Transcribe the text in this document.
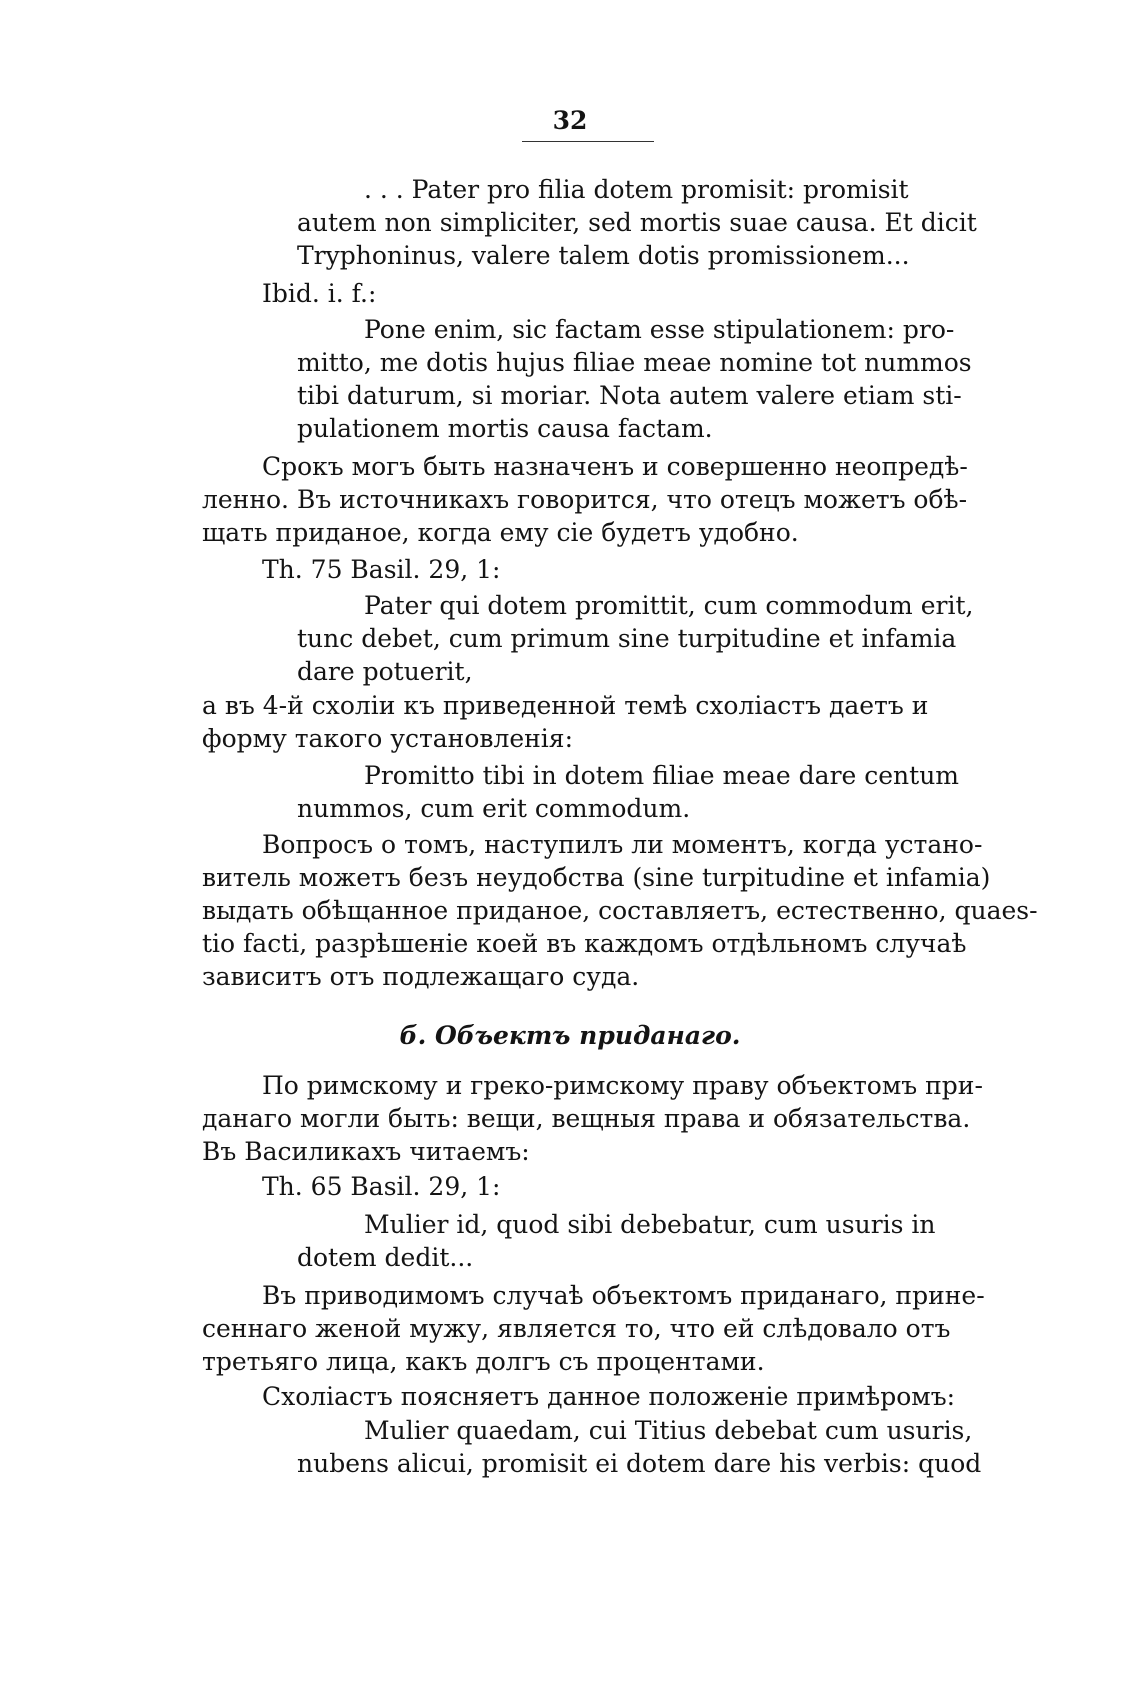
32
. . . Pater pro filia dotem promisit: promisit
autem non simpliciter, sed mortis suae causa. Et dicit
Tryphoninus, valere talem dotis promissionem...
Ibid. i. f.:
Pone enim, sic factam esse stipulationem: pro-
mitto, me dotis hujus filiae meae nomine tot nummos
tibi daturum, si moriar. Nota autem valere etiam sti-
pulationem mortis causa factam.
Срокъ могъ быть назначенъ и совершенно неопредѣ-
ленно. Въ источникахъ говорится, что отецъ можетъ обѣ-
щать приданое, когда ему сiе будетъ удобно.
Th. 75 Basil. 29, 1:
Pater qui dotem promittit, cum commodum erit,
tunc debet, cum primum sine turpitudine et infamia
dare potuerit,
а въ 4-й схолiи къ приведенной темѣ схолiастъ даетъ и
форму такого установленiя:
Promitto tibi in dotem filiae meae dare centum
nummos, cum erit commodum.
Вопросъ о томъ, наступилъ ли моментъ, когда устано-
витель можетъ безъ неудобства (sine turpitudine et infamia)
выдать обѣщанное приданое, составляетъ, естественно, quaes-
tio facti, разрѣшенiе коей въ каждомъ отдѣльномъ случаѣ
зависитъ отъ подлежащаго суда.
б. Объектъ приданаго.
По римскому и греко-римскому праву объектомъ при-
данаго могли быть: вещи, вещныя права и обязательства.
Въ Василикахъ читаемъ:
Th. 65 Basil. 29, 1:
Mulier id, quod sibi debebatur, cum usuris in
dotem dedit...
Въ приводимомъ случаѣ объектомъ приданаго, прине-
сеннаго женой мужу, является то, что ей слѣдовало отъ
третьяго лица, какъ долгъ съ процентами.
Схолiастъ поясняетъ данное положенiе примѣромъ:
Mulier quaedam, cui Titius debebat cum usuris,
nubens alicui, promisit ei dotem dare his verbis: quod
